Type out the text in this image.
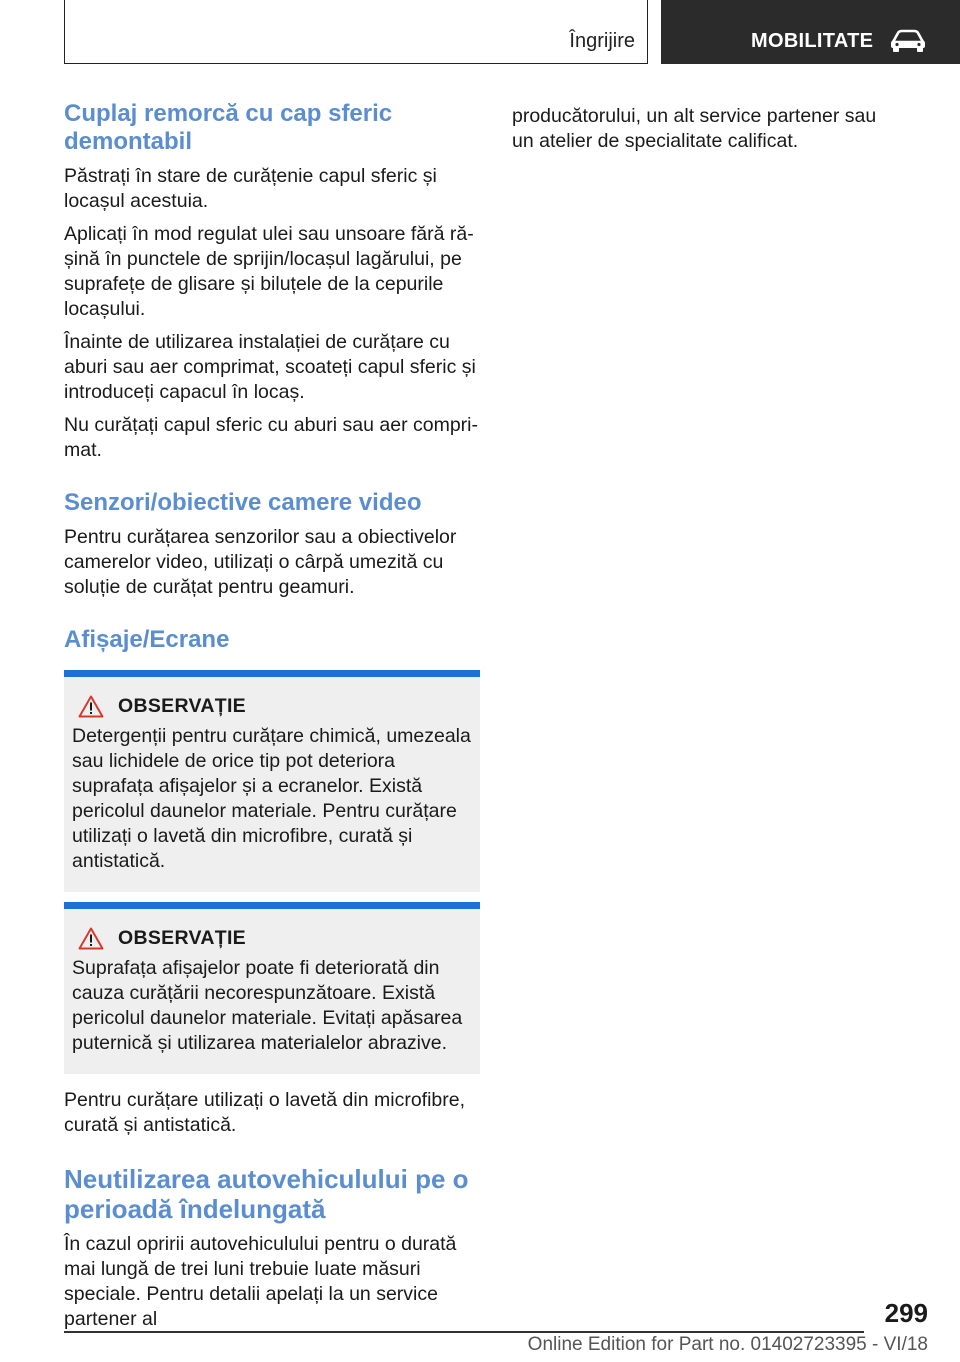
Îngrijire	MOBILITATE
Cuplaj remorcă cu cap sferic demontabil

Păstrați în stare de curățenie capul sferic și locașul acestuia.

Aplicați în mod regulat ulei sau unsoare fără rășină în punctele de sprijin/locașul lagărului, pe suprafețe de glisare și biluțele de la cepurile locașului.

Înainte de utilizarea instalației de curățare cu aburi sau aer comprimat, scoateți capul sferic și introduceți capacul în locaș.

Nu curățați capul sferic cu aburi sau aer comprimat.

Senzori/obiective camere video

Pentru curățarea senzorilor sau a obiectivelor camerelor video, utilizați o cârpă umezită cu soluție de curățat pentru geamuri.

Afișaje/Ecrane
OBSERVAȚIE

Detergenții pentru curățare chimică, umezeala sau lichidele de orice tip pot deteriora suprafața afișajelor și a ecranelor. Există pericolul daunelor materiale. Pentru curățare utilizați o lavetă din microfibre, curată și antistatică.

OBSERVAȚIE

Suprafața afișajelor poate fi deteriorată din cauza curățării necorespunzătoare. Există pericolul daunelor materiale. Evitați apăsarea puternică și utilizarea materialelor abrazive.

Pentru curățare utilizați o lavetă din microfibre, curată și antistatică.

Neutilizarea autovehiculului pe o perioadă îndelungată

În cazul opririi autovehiculului pentru o durată mai lungă de trei luni trebuie luate măsuri speciale. Pentru detalii apelați la un service partener al

producătorului, un alt service partener sau un atelier de specialitate calificat.

299
Online Edition for Part no. 01402723395 - VI/18
